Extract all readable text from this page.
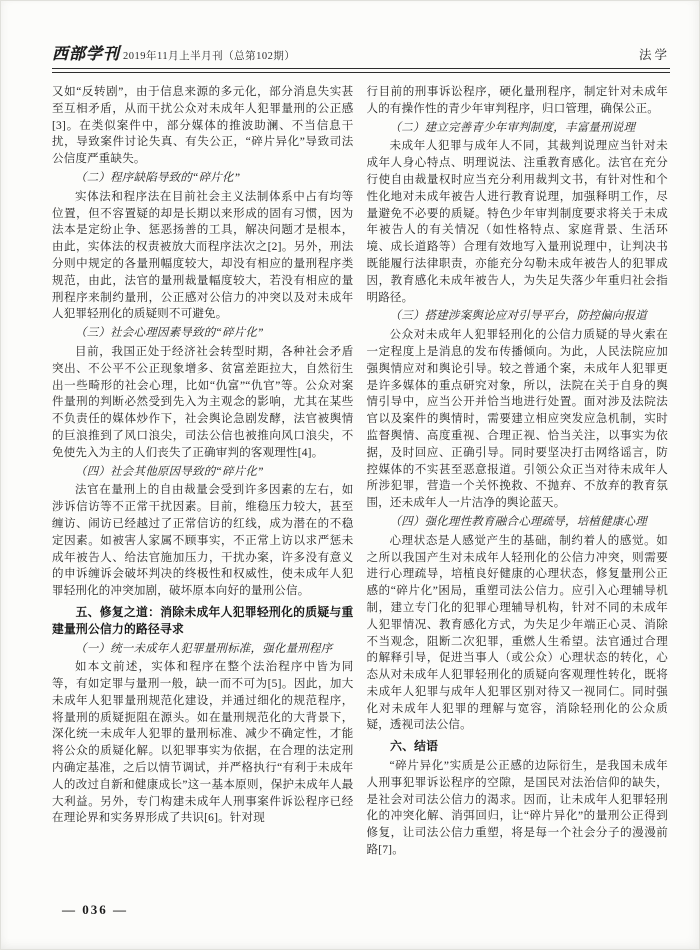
西部学刊 2019年11月上半月刊（总第102期）	法学

又如“反转剧”，由于信息来源的多元化，部分消息失实甚至互相矛盾，从而干扰公众对未成年人犯罪量刑的公正感[3]。在类似案件中，部分媒体的推波助澜、不当信息干扰，导致案件讨论失真、有失公正，“碎片异化”导致司法公信度严重缺失。

（二）程序缺陷导致的“碎片化”

实体法和程序法在目前社会主义法制体系中占有均等位置，但不容置疑的却是长期以来形成的固有习惯，因为法本是定纷止争、惩恶扬善的工具，解决问题才是根本，由此，实体法的权责被放大而程序法次之[2]。另外，刑法分则中规定的各量刑幅度较大，却没有相应的量刑程序类规范，由此，法官的量刑裁量幅度较大，若没有相应的量刑程序来制约量刑，公正感对公信力的冲突以及对未成年人犯罪轻刑化的质疑则不可避免。

（三）社会心理因素导致的“碎片化”

目前，我国正处于经济社会转型时期，各种社会矛盾突出、不公平不公正现象增多、贫富差距拉大，自然衍生出一些畸形的社会心理，比如“仇富”“仇官”等。公众对案件量刑的判断必然受到先入为主观念的影响，尤其在某些不负责任的媒体炒作下，社会舆论急剧发酵，法官被舆情的巨浪推到了风口浪尖，司法公信也被推向风口浪尖，不免使先入为主的人们丧失了正确审判的客观理性[4]。

（四）社会其他原因导致的“碎片化”

法官在量刑上的自由裁量会受到许多因素的左右，如涉诉信访等不正常干扰因素。目前，维稳压力较大，甚至缠访、闹访已经越过了正常信访的红线，成为潜在的不稳定因素。如被害人家属不顾事实，不正常上访以求严惩未成年被告人、给法官施加压力，干扰办案，许多没有意义的申诉缠诉会破坏判决的终极性和权威性，使未成年人犯罪轻刑化的冲突加剧，破坏原本向好的量刑公信。

五、修复之道：消除未成年人犯罪轻刑化的质疑与重建量刑公信力的路径寻求
（一）统一未成年人犯罪量刑标准，强化量刑程序

如本文前述，实体和程序在整个法治程序中皆为同等，有如定罪与量刑一般，缺一而不可为[5]。因此，加大未成年人犯罪量刑规范化建设，并通过细化的规范程序，将量刑的质疑扼阻在源头。如在量刑规范化的大背景下，深化统一未成年人犯罪的量刑标准、减少不确定性，才能将公众的质疑化解。以犯罪事实为依据，在合理的法定刑内确定基准，之后以情节调试，并严格执行“有利于未成年人的改过自新和健康成长”这一基本原则，保护未成年人最大利益。另外，专门构建未成年人刑事案件诉讼程序已经在理论界和实务界形成了共识[6]。针对现

行目前的刑事诉讼程序，硬化量刑程序，制定针对未成年人的有操作性的青少年审判程序，归口管理，确保公正。

（二）建立完善青少年审判制度，丰富量刑说理

未成年人犯罪与成年人不同，其裁判说理应当针对未成年人身心特点、明理说法、注重教育感化。法官在充分行使自由裁量权时应当充分利用裁判文书，有针对性和个性化地对未成年被告人进行教育说理，加强释明工作，尽量避免不必要的质疑。特色少年审判制度要求将关于未成年被告人的有关情况（如性格特点、家庭背景、生活环境、成长道路等）合理有效地写入量刑说理中，让判决书既能履行法律职责，亦能充分勾勒未成年被告人的犯罪成因，教育感化未成年被告人，为失足失落少年重归社会指明路径。

（三）搭建涉案舆论应对引导平台，防控偏向报道

公众对未成年人犯罪轻刑化的公信力质疑的导火索在一定程度上是消息的发布传播倾向。为此，人民法院应加强舆情应对和舆论引导。较之普通个案，未成年人犯罪更是许多媒体的重点研究对象，所以，法院在关于自身的舆情引导中，应当公开并恰当地进行处置。面对涉及法院法官以及案件的舆情时，需要建立相应突发应急机制，实时监督舆情、高度重视、合理正视、恰当关注，以事实为依据，及时回应、正确引导。同时要坚决打击网络谣言，防控媒体的不实甚至恶意报道。引领公众正当对待未成年人所涉犯罪，营造一个关怀挽救、不抛弃、不放弃的教育氛围，还未成年人一片洁净的舆论蓝天。

（四）强化理性教育融合心理疏导，培植健康心理

心理状态是人感觉产生的基础，制约着人的感觉。如之所以我国产生对未成年人轻刑化的公信力冲突，则需要进行心理疏导，培植良好健康的心理状态，修复量刑公正感的“碎片化”困局，重塑司法公信力。应引入心理辅导机制，建立专门化的犯罪心理辅导机构，针对不同的未成年人犯罪情况、教育感化方式，为失足少年端正心灵、消除不当观念，阻断二次犯罪，重燃人生希望。法官通过合理的解释引导，促进当事人（或公众）心理状态的转化，心态从对未成年人犯罪轻刑化的质疑向客观理性转化，既将未成年人犯罪与成年人犯罪区别对待又一视同仁。同时强化对未成年人犯罪的理解与宽容，消除轻刑化的公众质疑，透视司法公信。

六、结语

“碎片异化”实质是公正感的边际衍生，是我国未成年人刑事犯罪诉讼程序的空隙，是国民对法治信仰的缺失，是社会对司法公信力的渴求。因而，让未成年人犯罪轻刑化的冲突化解、消弭回归，让“碎片异化”的量刑公正得到修复，让司法公信力重塑，将是每一个社会分子的漫漫前路[7]。

— 036 —
